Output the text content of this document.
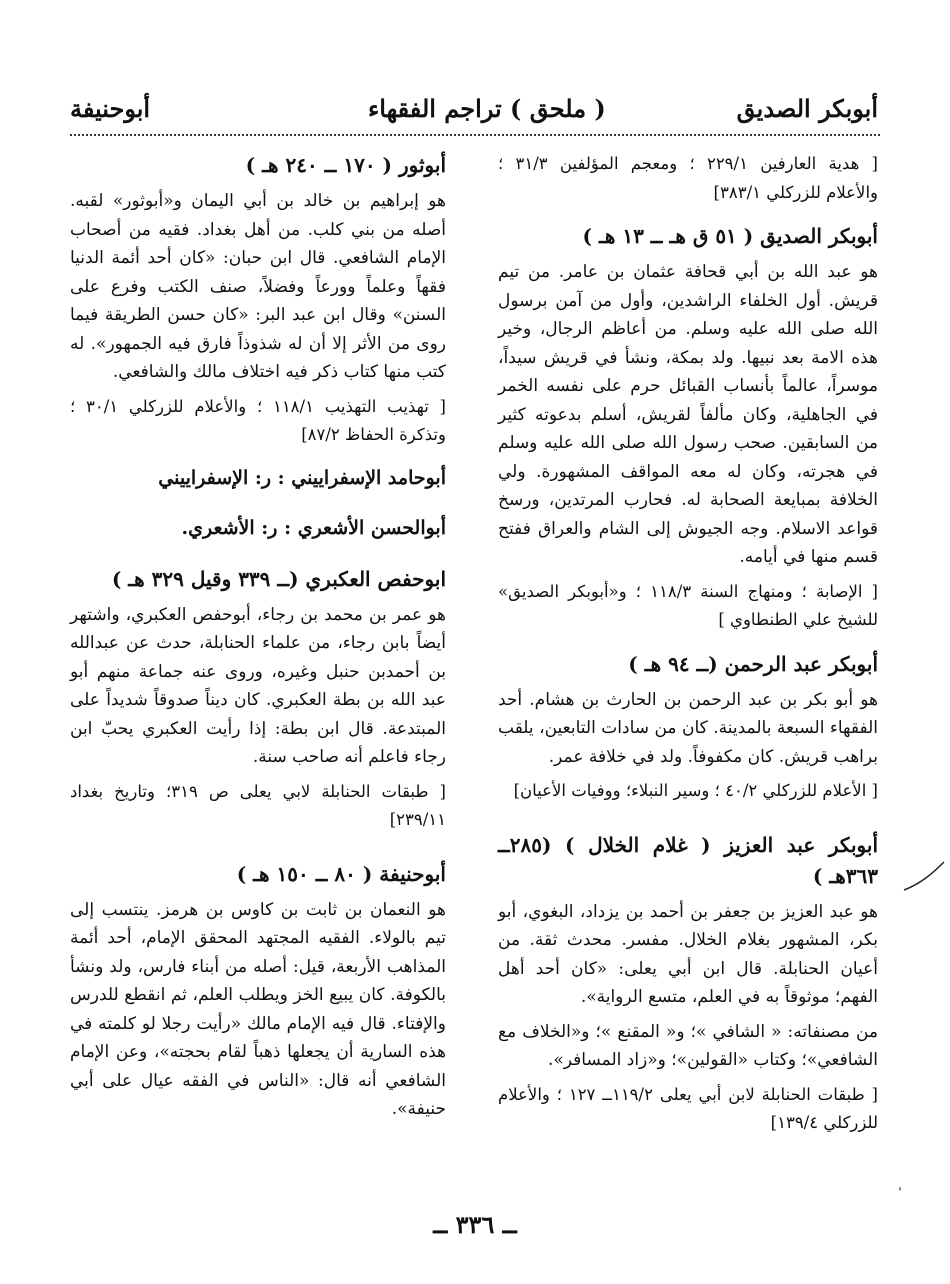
أبوبكر الصديق
( ملحق ) تراجم الفقهاء
أبوحنيفة
[ هدية العارفين ٢٢٩/١ ؛ ومعجم المؤلفين ٣١/٣ ؛ والأعلام للزركلي ٣٨٣/١]
أبوبكر الصديق ( ٥١ ق هـ ــ ١٣ هـ )
هو عبد الله بن أبي قحافة عثمان بن عامر. من تيم قريش. أول الخلفاء الراشدين، وأول من آمن برسول الله صلى الله عليه وسلم. من أعاظم الرجال، وخير هذه الامة بعد نبيها. ولد بمكة، ونشأ في قريش سيداً، موسراً، عالماً بأنساب القبائل حرم على نفسه الخمر في الجاهلية، وكان مألفاً لقريش، أسلم بدعوته كثير من السابقين. صحب رسول الله صلى الله عليه وسلم في هجرته، وكان له معه المواقف المشهورة. ولي الخلافة بمبايعة الصحابة له. فحارب المرتدين، ورسخ قواعد الاسلام. وجه الجيوش إلى الشام والعراق ففتح قسم منها في أيامه.
[ الإصابة ؛ ومنهاج السنة ١١٨/٣ ؛ و«أبوبكر الصديق» للشيخ علي الطنطاوي ]
أبوبكر عبد الرحمن (ــ ٩٤ هـ )
هو أبو بكر بن عبد الرحمن بن الحارث بن هشام. أحد الفقهاء السبعة بالمدينة. كان من سادات التابعين، يلقب براهب قريش. كان مكفوفاً. ولد في خلافة عمر.
[ الأعلام للزركلي ٤٠/٢ ؛ وسير النبلاء؛ ووفيات الأعيان]
أبوبكر عبد العزيز ( غلام الخلال ) (٢٨٥ــ ٣٦٣هـ )
هو عبد العزيز بن جعفر بن أحمد بن يزداد، البغوي، أبو بكر، المشهور بغلام الخلال. مفسر. محدث ثقة. من أعيان الحنابلة. قال ابن أبي يعلى: «كان أحد أهل الفهم؛ موثوقاً به في العلم، متسع الرواية».
من مصنفاته: « الشافي »؛ و« المقنع »؛ و«الخلاف مع الشافعي»؛ وكتاب «القولين»؛ و«زاد المسافر».
[ طبقات الحنابلة لابن أبي يعلى ١١٩/٢ــ ١٢٧ ؛ والأعلام للزركلي ١٣٩/٤]
أبوثور ( ١٧٠ ــ ٢٤٠ هـ )
هو إبراهيم بن خالد بن أبي اليمان و«أبوثور» لقبه. أصله من بني كلب. من أهل بغداد. فقيه من أصحاب الإمام الشافعي. قال ابن حبان: «كان أحد أئمة الدنيا فقهاً وعلماً وورعاً وفضلاً، صنف الكتب وفرع على السنن» وقال ابن عبد البر: «كان حسن الطريقة فيما روى من الأثر إلا أن له شذوذاً فارق فيه الجمهور». له كتب منها كتاب ذكر فيه اختلاف مالك والشافعي.
[ تهذيب التهذيب ١١٨/١ ؛ والأعلام للزركلي ٣٠/١ ؛ وتذكرة الحفاظ ٨٧/٢]
أبوحامد الإسفراييني : ر: الإسفراييني
أبوالحسن الأشعري : ر: الأشعري.
ابوحفص العكبري (ــ ٣٣٩ وقيل ٣٢٩ هـ )
هو عمر بن محمد بن رجاء، أبوحفص العكبري، واشتهر أيضاً بابن رجاء، من علماء الحنابلة، حدث عن عبدالله بن أحمدبن حنبل وغيره، وروى عنه جماعة منهم أبو عبد الله بن بطة العكبري. كان ديناً صدوقاً شديداً على المبتدعة. قال ابن بطة: إذا رأيت العكبري يحبّ ابن رجاء فاعلم أنه صاحب سنة.
[ طبقات الحنابلة لابي يعلى ص ٣١٩؛ وتاريخ بغداد ٢٣٩/١١]
أبوحنيفة ( ٨٠ ــ ١٥٠ هـ )
هو النعمان بن ثابت بن كاوس بن هرمز. ينتسب إلى تيم بالولاء. الفقيه المجتهد المحقق الإمام، أحد أئمة المذاهب الأربعة، قيل: أصله من أبناء فارس، ولد ونشأ بالكوفة. كان يبيع الخز ويطلب العلم، ثم انقطع للدرس والإفتاء. قال فيه الإمام مالك «رأيت رجلا لو كلمته في هذه السارية أن يجعلها ذهباً لقام بحجته»، وعن الإمام الشافعي أنه قال: «الناس في الفقه عيال على أبي حنيفة».
ˈ
ــ ٣٣٦ ــ
